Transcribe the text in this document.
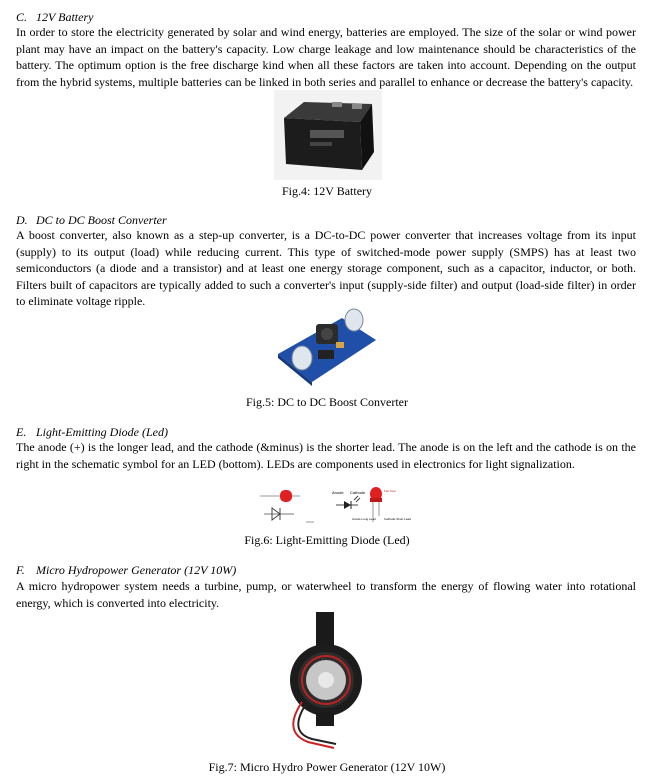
C. 12V Battery
In order to store the electricity generated by solar and wind energy, batteries are employed. The size of the solar or wind power plant may have an impact on the battery's capacity. Low charge leakage and low maintenance should be characteristics of the battery. The optimum option is the free discharge kind when all these factors are taken into account. Depending on the output from the hybrid systems, multiple batteries can be linked in both series and parallel to enhance or decrease the battery's capacity.
Fig.4: 12V Battery
D. DC to DC Boost Converter
A boost converter, also known as a step-up converter, is a DC-to-DC power converter that increases voltage from its input (supply) to its output (load) while reducing current. This type of switched-mode power supply (SMPS) has at least two semiconductors (a diode and a transistor) and at least one energy storage component, such as a capacitor, inductor, or both. Filters built of capacitors are typically added to such a converter's input (supply-side filter) and output (load-side filter) in order to eliminate voltage ripple.
Fig.5: DC to DC Boost Converter
E. Light-Emitting Diode (Led)
The anode (+) is the longer lead, and the cathode (&minus) is the shorter lead. The anode is on the left and the cathode is on the right in the schematic symbol for an LED (bottom). LEDs are components used in electronics for light signalization.
Anode Cathode	Flat Spot
Anode Long Lead	Cathode Short Lead
Fig.6: Light-Emitting Diode (Led)
F. Micro Hydropower Generator (12V 10W)
A micro hydropower system needs a turbine, pump, or waterwheel to transform the energy of flowing water into rotational energy, which is converted into electricity.
Fig.7: Micro Hydro Power Generator (12V 10W)
